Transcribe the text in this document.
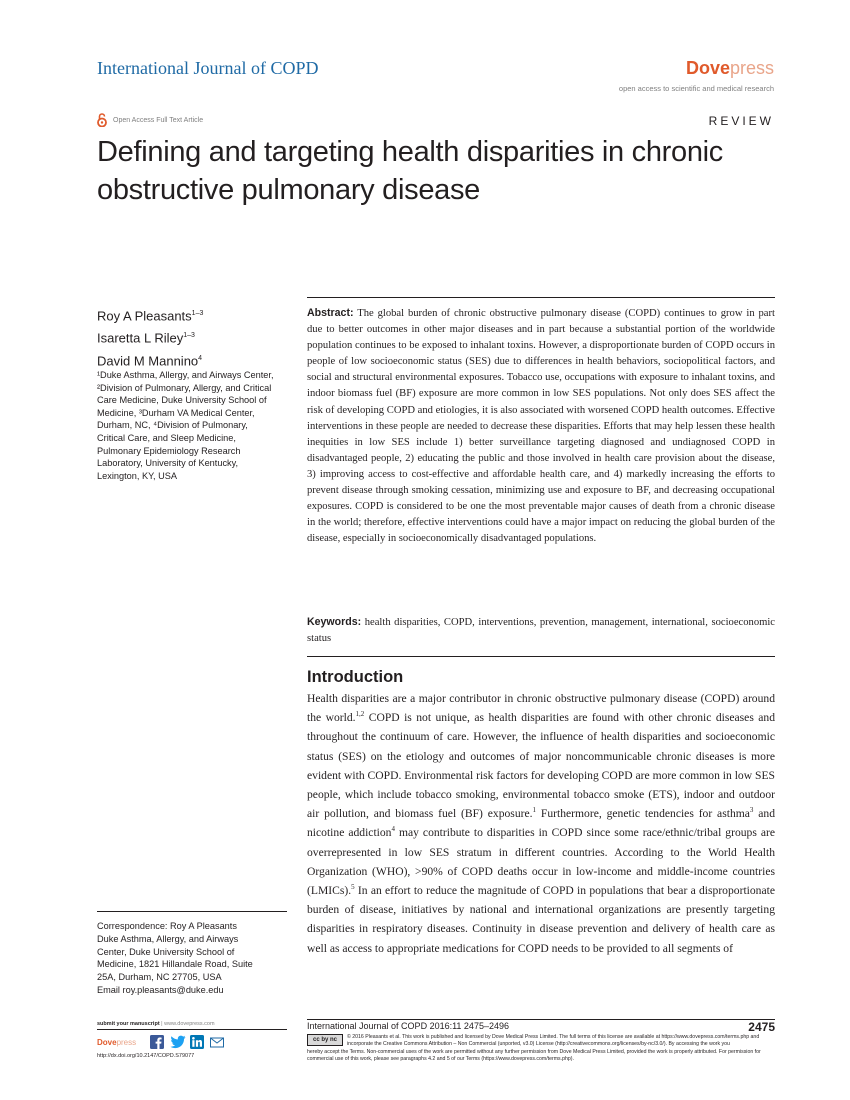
International Journal of COPD	Dovepress
open access to scientific and medical research
Open Access Full Text Article	REVIEW
Defining and targeting health disparities in chronic obstructive pulmonary disease
Roy A Pleasants$^{1-3}$
Isaretta L Riley$^{1-3}$
David M Mannino$^4$
¹Duke Asthma, Allergy, and Airways Center, ²Division of Pulmonary, Allergy, and Critical Care Medicine, Duke University School of Medicine, ³Durham VA Medical Center, Durham, NC, ⁴Division of Pulmonary, Critical Care, and Sleep Medicine, Pulmonary Epidemiology Research Laboratory, University of Kentucky, Lexington, KY, USA
Correspondence: Roy A Pleasants
Duke Asthma, Allergy, and Airways
Center, Duke University School of
Medicine, 1821 Hillandale Road, Suite
25A, Durham, NC 27705, USA
Email roy.pleasants@duke.edu

Abstract: The global burden of chronic obstructive pulmonary disease (COPD) continues to grow in part due to better outcomes in other major diseases and in part because a substantial portion of the worldwide population continues to be exposed to inhalant toxins. However, a disproportionate burden of COPD occurs in people of low socioeconomic status (SES) due to differences in health behaviors, sociopolitical factors, and social and structural environmental exposures. Tobacco use, occupations with exposure to inhalant toxins, and indoor biomass fuel (BF) exposure are more common in low SES populations. Not only does SES affect the risk of developing COPD and etiologies, it is also associated with worsened COPD health outcomes. Effective interventions in these people are needed to decrease these disparities. Efforts that may help lessen these health inequities in low SES include 1) better surveillance targeting diagnosed and undiagnosed COPD in disadvantaged people, 2) educating the public and those involved in health care provision about the disease, 3) improving access to cost-effective and affordable health care, and 4) markedly increasing the efforts to prevent disease through smoking cessation, minimizing use and exposure to BF, and decreasing occupational exposures. COPD is considered to be one the most preventable major causes of death from a chronic disease in the world; therefore, effective interventions could have a major impact on reducing the global burden of the disease, especially in socioeconomically disadvantaged populations.

Keywords: health disparities, COPD, interventions, prevention, management, international, socioeconomic status

Introduction

Health disparities are a major contributor in chronic obstructive pulmonary disease (COPD) around the world.$^{1,2}$ COPD is not unique, as health disparities are found with other chronic diseases and throughout the continuum of care. However, the influence of health disparities and socioeconomic status (SES) on the etiology and outcomes of major noncommunicable chronic diseases is more evident with COPD. Environmental risk factors for developing COPD are more common in low SES people, which include tobacco smoking, environmental tobacco smoke (ETS), indoor and outdoor air pollution, and biomass fuel (BF) exposure.$^1$ Furthermore, genetic tendencies for asthma$^3$ and nicotine addiction$^4$ may contribute to disparities in COPD since some race/ethnic/tribal groups are overrepresented in low SES stratum in different countries. According to the World Health Organization (WHO), >90% of COPD deaths occur in low-income and middle-income countries (LMICs).$^5$ In an effort to reduce the magnitude of COPD in populations that bear a disproportionate burden of disease, initiatives by national and international organizations are presently targeting disparities in respiratory diseases. Continuity in disease prevention and delivery of health care as well as access to appropriate medications for COPD needs to be provided to all segments of

submit your manuscript | www.dovepress.com
Dovepress
http://dx.doi.org/10.2147/COPD.S79077
International Journal of COPD 2016:11 2475–2496	2475
cc by nc © 2016 Pleasants et al. This work is published and licensed by Dove Medical Press Limited. The full terms of this license are available at https://www.dovepress.com/terms.php and incorporate the Creative Commons Attribution – Non Commercial (unported, v3.0) License (http://creativecommons.org/licenses/by-nc/3.0/). By accessing the work you
hereby accept the Terms. Non-commercial uses of the work are permitted without any further permission from Dove Medical Press Limited, provided the work is properly attributed. For permission for commercial use of this work, please see paragraphs 4.2 and 5 of our Terms (https://www.dovepress.com/terms.php).
